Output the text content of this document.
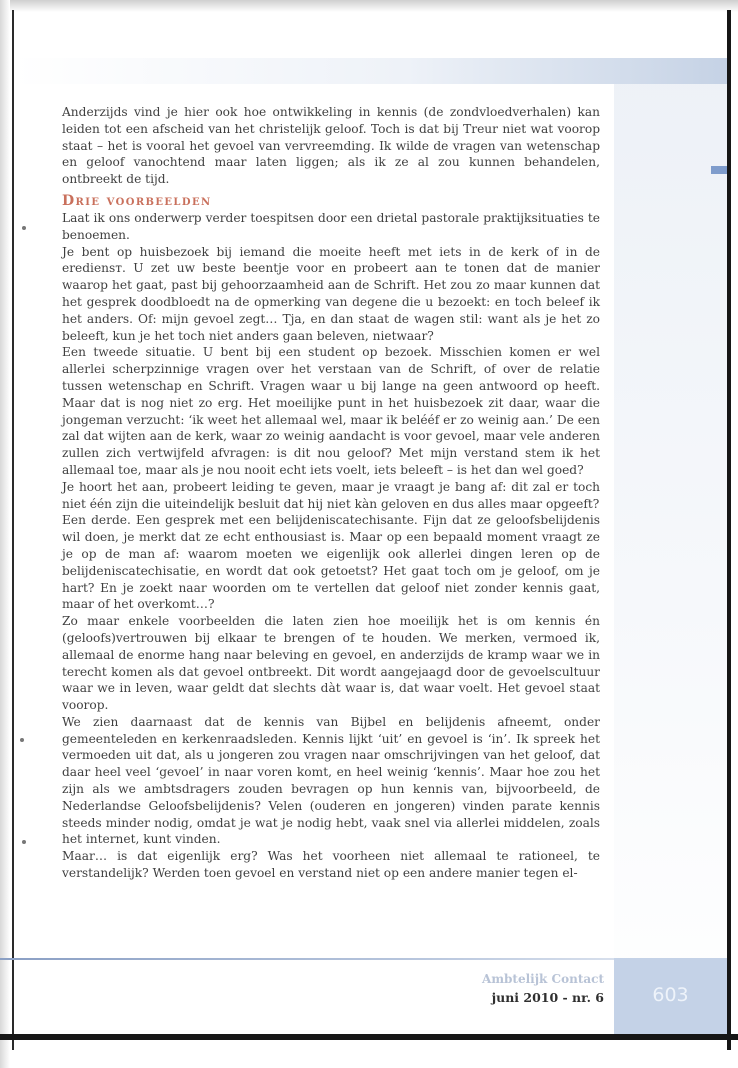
Anderzijds vind je hier ook hoe ontwikkeling in kennis (de zondvloedverhalen) kan leiden tot een afscheid van het christelijk geloof. Toch is dat bij Treur niet wat voorop staat – het is vooral het gevoel van vervreemding. Ik wilde de vragen van wetenschap en geloof vanochtend maar laten liggen; als ik ze al zou kunnen behandelen, ontbreekt de tijd.

Drie voorbeelden

Laat ik ons onderwerp verder toespitsen door een drietal pastorale praktijksituaties te benoemen.

Je bent op huisbezoek bij iemand die moeite heeft met iets in de kerk of in de erediensт. U zet uw beste beentje voor en probeert aan te tonen dat de manier waarop het gaat, past bij gehoorzaamheid aan de Schrift. Het zou zo maar kunnen dat het gesprek doodbloedt na de opmerking van degene die u bezoekt: en toch beleef ik het anders. Of: mijn gevoel zegt… Tja, en dan staat de wagen stil: want als je het zo beleeft, kun je het toch niet anders gaan beleven, nietwaar?

Een tweede situatie. U bent bij een student op bezoek. Misschien komen er wel allerlei scherpzinnige vragen over het verstaan van de Schrift, of over de relatie tussen wetenschap en Schrift. Vragen waar u bij lange na geen antwoord op heeft. Maar dat is nog niet zo erg. Het moeilijke punt in het huisbezoek zit daar, waar die jongeman verzucht: ‘ik weet het allemaal wel, maar ik belééf er zo weinig aan.’ De een zal dat wijten aan de kerk, waar zo weinig aandacht is voor gevoel, maar vele anderen zullen zich vertwijfeld afvragen: is dit nou geloof? Met mijn verstand stem ik het allemaal toe, maar als je nou nooit echt iets voelt, iets beleeft – is het dan wel goed?

Je hoort het aan, probeert leiding te geven, maar je vraagt je bang af: dit zal er toch niet één zijn die uiteindelijk besluit dat hij niet kàn geloven en dus alles maar opgeeft?

Een derde. Een gesprek met een belijdeniscatechisante. Fijn dat ze geloofsbelijdenis wil doen, je merkt dat ze echt enthousiast is. Maar op een bepaald moment vraagt ze je op de man af: waarom moeten we eigenlijk ook allerlei dingen leren op de belijdeniscatechisatie, en wordt dat ook getoetst? Het gaat toch om je geloof, om je hart? En je zoekt naar woorden om te vertellen dat geloof niet zonder kennis gaat, maar of het overkomt…?

Zo maar enkele voorbeelden die laten zien hoe moeilijk het is om kennis én (geloofs)vertrouwen bij elkaar te brengen of te houden. We merken, vermoed ik, allemaal de enorme hang naar beleving en gevoel, en anderzijds de kramp waar we in terecht komen als dat gevoel ontbreekt. Dit wordt aangejaagd door de gevoelscultuur waar we in leven, waar geldt dat slechts dàt waar is, dat waar voelt. Het gevoel staat voorop.

We zien daarnaast dat de kennis van Bijbel en belijdenis afneemt, onder gemeenteleden en kerkenraadsleden. Kennis lijkt ‘uit’ en gevoel is ‘in’. Ik spreek het vermoeden uit dat, als u jongeren zou vragen naar omschrijvingen van het geloof, dat daar heel veel ‘gevoel’ in naar voren komt, en heel weinig ‘kennis’. Maar hoe zou het zijn als we ambtsdragers zouden bevragen op hun kennis van, bijvoorbeeld, de Nederlandse Geloofsbelijdenis? Velen (ouderen en jongeren) vinden parate kennis steeds minder nodig, omdat je wat je nodig hebt, vaak snel via allerlei middelen, zoals het internet, kunt vinden.

Maar… is dat eigenlijk erg? Was het voorheen niet allemaal te rationeel, te verstandelijk? Werden toen gevoel en verstand niet op een andere manier tegen el-

Ambtelijk Contact
juni 2010 - nr. 6	603
